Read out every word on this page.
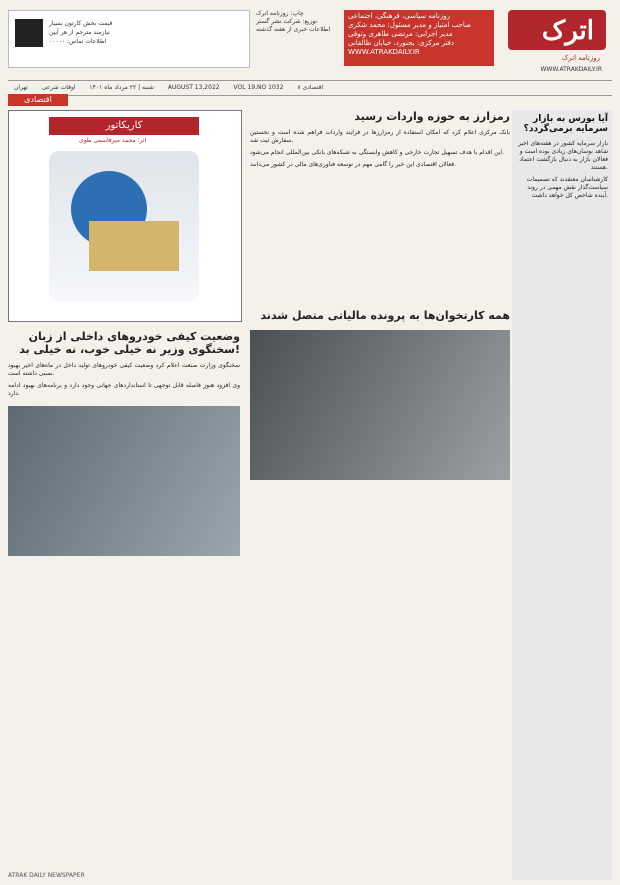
اترک
روزنامه اترک
WWW.ATRAKDAILY.IR
روزنامه سیاسی، فرهنگی، اجتماعی
صاحب امتیاز و مدیر مسئول: محمد شکری
مدیر اجرایی: مرتضی طاهری وثوقی
دفتر مرکزی: بجنورد، خیابان طالقانی
WWW.ATRAKDAILY.IR
چاپ: روزنامه اترک
توزیع: شرکت نشر گستر
اطلاعات خبری از هفته گذشته
قیمت بخش کارتون بسیار
نیازمند مترجم از هر آیین
اطلاعات تماس: ۰۰۰۰۰
شنبه | ۲۲ مرداد ماه ۱۴۰۱ اوقات شرعی تهران	AUGUST 13,2022 VOL 19,NO 1032 اقتصادی ۸
اقتصادی
آیا بورس به بازار سرمایه برمی‌گردد؟

بازار سرمایه کشور در هفته‌های اخیر شاهد نوسان‌های زیادی بوده است و فعالان بازار به دنبال بازگشت اعتماد هستند.

کارشناسان معتقدند که تصمیمات سیاست‌گذار نقش مهمی در روند آینده شاخص کل خواهد داشت.

رمزارز به حوزه واردات رسید

بانک مرکزی اعلام کرد که امکان استفاده از رمزارزها در فرایند واردات فراهم شده است و نخستین سفارش ثبت شد.

این اقدام با هدف تسهیل تجارت خارجی و کاهش وابستگی به شبکه‌های بانکی بین‌المللی انجام می‌شود.

فعالان اقتصادی این خبر را گامی مهم در توسعه فناوری‌های مالی در کشور می‌دانند.

همه کارتخوان‌ها به پرونده مالیاتی متصل شدند
کاریکاتور
اثر: محمد میرقاسمی طوی
وضعیت کیفی خودروهای داخلی از زبان سخنگوی وزیر نه خیلی خوب، نه خیلی بد!

سخنگوی وزارت صنعت اعلام کرد وضعیت کیفی خودروهای تولید داخل در ماه‌های اخیر بهبود نسبی داشته است.

وی افزود هنوز فاصله قابل توجهی تا استانداردهای جهانی وجود دارد و برنامه‌های بهبود ادامه دارد.

ATRAK DAILY NEWSPAPER
